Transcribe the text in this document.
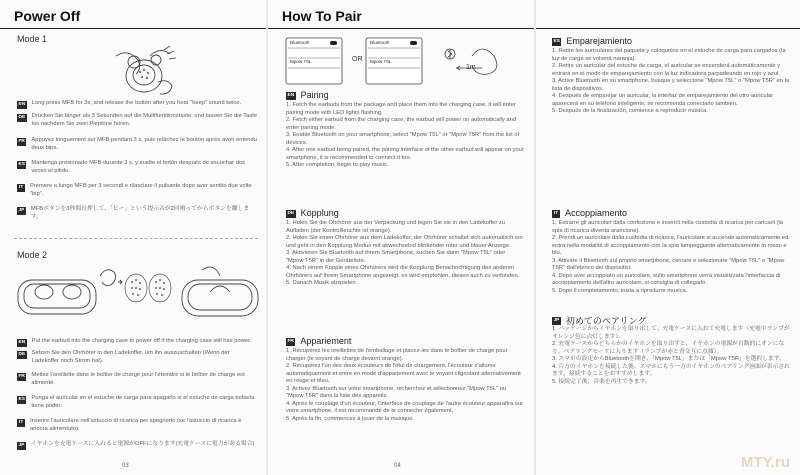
Power Off
Mode 1
EN Long press MFB for 3s, and release the button after you hear "beep" sound twice.
DE Drücken Sie länger als 3 Sekunden auf die Multifunktionstaste, und lassen Sie die Taste los nachdem Sie zwei Pieptöne hören.
FR Appuyez longuement sur MFB pendant 3 s, puis relâchez le bouton après avoir entendu deux bips.
ES Mantenga presionado MFB durante 3 s, y suelte el botón después de escuchar dos veces el pitido.
IT	Premere a lungo MFB per 3 secondi e rilasciare il pulsante dopo aver sentito due volte "bip".
JP MFBボタンを3秒間長押して、「ピー」という提示音が2回鳴ってからボタンを離します。
Mode 2
EN Put the earbud into the charging case to power off if the charging case still has power.
DE Setzen Sie den Ohrhörer in den Ladekoffer, um ihn auszuschalten (Wenn der Ladekoffer noch Strom hat).
FR Mettez l'oreillette dans le boîtier de charge pour l'éteindre si le boîtier de charge est alimenté.
ES Ponga el auricular en el estuche de carga para apagarlo si el estuche de carga todavía tiene poder.
IT	Inserire l'auricolare nell'astuccio di ricarica per spegnerlo (se l'astuccio di ricarica è ancora alimentato).
JP イヤホンを充電ケースに入れると電源がOFFになります(充電ケースに電力がある場合)
03
How To Pair
Bluetooth
Mpow T5L
Bluetooth
Mpow T5L
OR
1m
EN Pairing
1. Fetch the earbuds from the package and place them into the charging case, it will enter pairing mode with LED lights flashing.
2. Fetch either earbud from the charging case, the earbud will power on automatically and enter pairing mode.
3. Enable Bluetooth on your smartphone, select "Mpow T5L" or "Mpow T5R" from the list of devices.
4. After one earbud being paired, the pairing interface of the other earbud will appear on your smartphone, it is recommended to connect it too.
5. After completion, begin to play music.
DE Kopplung
1. Holen Sie die Ohrhörer aus der Verpackung und legen Sie sie in den Ladekoffer zu Aufladen (der Kontrollleuchte ist orange).
2. Holen Sie einen Ohrhörer aus dem Ladekoffer, der Ohrhörer schaltet sich automatisch ein und geht in den Kopplung Modus mit abwechselnd blinkender roter und blauer Anzeige.
3. Aktivieren Sie Bluetooth auf Ihrem Smartphone, suchen Sie dann "Mpow T5L" oder "Mpow T5R" in der Geräteliste.
4. Nach einem Kopple eines Ohrhörers wird die Kopplung Benachrichtigung des anderen Ohrhörers auf Ihrem Smartphone angezeigt, es wird empfohlen, diesen auch zu verbinden.
5. Danach Musik abspielen.
FR Appariement
1. Récupérez les oreillettes de l'emballage et placez-les dans le boîtier de charge pour charger (le voyant de charge devient orange).
2. Récupérez l'un des deux écouteurs de l'étui de chargement, l'écouteur s'allume automatiquement et entre en mode d'appariement avec le voyant clignotant alternativement en rouge et bleu.
3. Activez Bluetooth sur votre smartphone, recherchez et sélectionnez "Mpow T5L" ou "Mpow T5R" dans la liste des appareils.
4. Après le couplage d'un écouteur, l'interface de couplage de l'autre écouteur apparaîtra sur votre smartphone, il est recommandé de le connecter également.
5. Après la fin, commencez à jouer de la musique.
04
ES Emparejamiento
1. Retire los auriculares del paquete y colóquelos en el estuche de carga para cargarlos (la luz de carga se volverá naranja).
2. Retire un auricular del estuche de carga, el auricular se encenderá automáticamente y entrará en el modo de emparejamiento con la luz indicadora parpadeando en rojo y azul.
3. Active Bluetooth en su smartphone, busque y seleccione "Mpow T5L" o "Mpow T5R" en la lista de dispositivos.
4. Después de emparejar un auricular, la interfaz de emparejamiento del otro auricular aparecerá en su teléfono inteligente, se recomienda conectarlo también.
5. Después de la finalización, comience a reproducir música.
IT Accoppiamento
1. Estrarre gli auricolari dalla confezione e inserirli nella custodia di ricarica per caricarli (la spia di ricarica diventa arancione).
2. Prendi un auricolare dalla custodia di ricarica, l'auricolare si accende automaticamente ed entra nella modalità di accoppiamento con la spia lampeggiante alternativamente in rosso e blu.
3. Attivare il Bluetooth sul proprio smartphone, cercare e selezionare "Mpow T5L" o "Mpow T5R" dall'elenco dei dispositivi.
4. Dopo aver accoppiato un auricolare, sullo smartphone verrà visualizzata l'interfaccia di accoppiamento dell'altro auricolare, si consiglia di collegarlo.
5. Dopo il completamento, inizia a riprodurre musica.
JP 初めてのペアリング
1. パッケージからイヤホンを取り出して、充電ケースに入れて充電します（充電中ランプがオレンジ色に点灯します）。
2. 充電ケースからどちらかのイヤホンを取り出すと、イヤホンの電源が自動的にオンになり、ペアリングモードに入ります（ランプが赤と青交互に点滅）。
3. スマホの設定からBluetoothを開き、「Mpow T5L」または「Mpow T5R」を選択します。
4. 片方のイヤホンを接続した後、スマホにもう一方のイヤホンのペアリング画面が表示されます。接続することをおすすめします。
5. 接続完了後、音楽を再生できます。
MTY.ru
